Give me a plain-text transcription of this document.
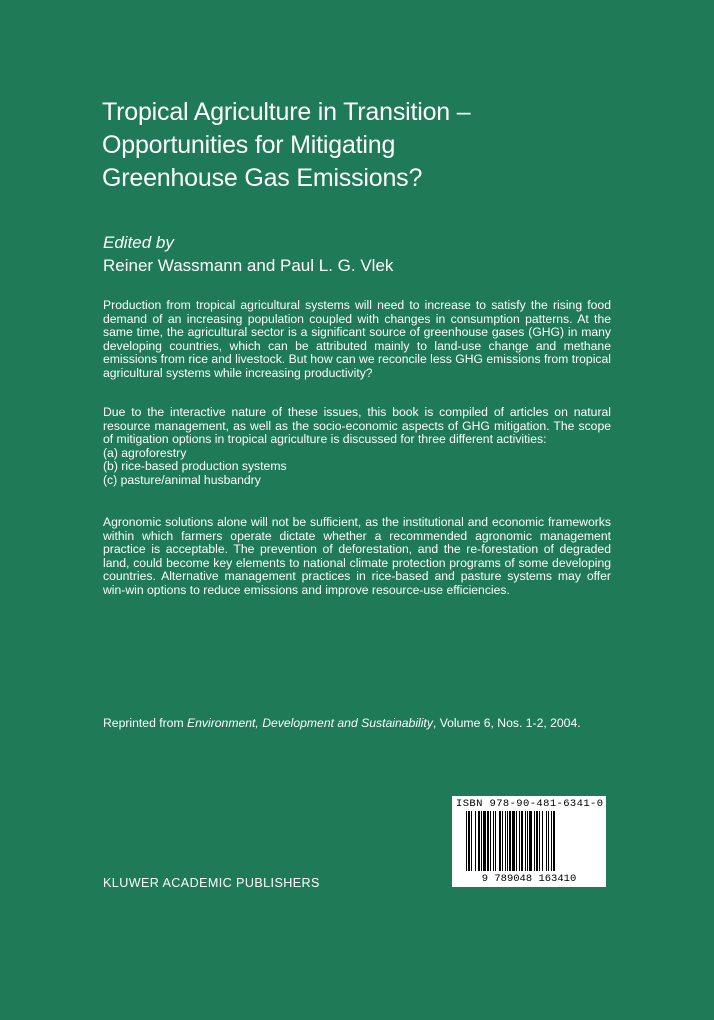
Tropical Agriculture in Transition –
Opportunities for Mitigating
Greenhouse Gas Emissions?

Edited by

Reiner Wassmann and Paul L. G. Vlek

Production from tropical agricultural systems will need to increase to satisfy the rising food demand of an increasing population coupled with changes in consumption patterns. At the same time, the agricultural sector is a significant source of greenhouse gases (GHG) in many developing countries, which can be attributed mainly to land-use change and methane emissions from rice and livestock. But how can we reconcile less GHG emissions from tropical agricultural systems while increasing productivity?

Due to the interactive nature of these issues, this book is compiled of articles on natural resource management, as well as the socio-economic aspects of GHG mitigation. The scope of mitigation options in tropical agriculture is discussed for three different activities:
(a) agroforestry
(b) rice-based production systems
(c) pasture/animal husbandry

Agronomic solutions alone will not be sufficient, as the institutional and economic frameworks within which farmers operate dictate whether a recommended agronomic management practice is acceptable. The prevention of deforestation, and the re-forestation of degraded land, could become key elements to national climate protection programs of some developing countries. Alternative management practices in rice-based and pasture systems may offer win-win options to reduce emissions and improve resource-use efficiencies.

Reprinted from Environment, Development and Sustainability, Volume 6, Nos. 1-2, 2004.

ISBN 978-90-481-6341-0

9 789048 163410

KLUWER ACADEMIC PUBLISHERS
